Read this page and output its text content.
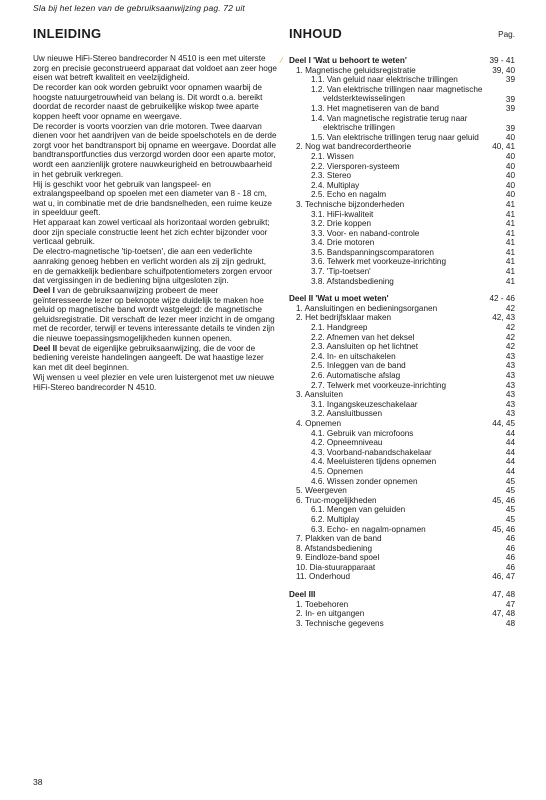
Sla bij het lezen van de gebruiksaanwijzing pag. 72 uit
INLEIDING

Uw nieuwe HiFi-Stereo bandrecorder N 4510 is een met uiterste zorg en precisie geconstrueerd apparaat dat voldoet aan zeer hoge eisen wat betreft kwaliteit en veelzijdigheid.

De recorder kan ook worden gebruikt voor opnamen waarbij de hoogste natuurgetrouwheid van belang is. Dit wordt o.a. bereikt doordat de recorder naast de gebruikelijke wiskop twee aparte koppen heeft voor opname en weergave.

De recorder is voorts voorzien van drie motoren. Twee daarvan dienen voor het aandrijven van de beide spoelschotels en de derde zorgt voor het bandtransport bij opname en weergave. Doordat alle bandtransportfuncties dus verzorgd worden door een aparte motor, wordt een aanzienlijk grotere nauwkeurigheid en betrouwbaarheid in het gebruik verkregen.

Hij is geschikt voor het gebruik van langspeel- en extralangspeelband op spoelen met een diameter van 8 - 18 cm, wat u, in combinatie met de drie bandsnelheden, een ruime keuze in speelduur geeft.

Het apparaat kan zowel verticaal als horizontaal worden gebruikt; door zijn speciale constructie leent het zich echter bijzonder voor verticaal gebruik.

De electro-magnetische 'tip-toetsen', die aan een vederlichte aanraking genoeg hebben en verlicht worden als zij zijn gedrukt, en de gemakkelijk bedienbare schuifpotentiometers zorgen ervoor dat vergissingen in de bediening bijna uitgesloten zijn.

Deel I van de gebruiksaanwijzing probeert de meer geïnteresseerde lezer op beknopte wijze duidelijk te maken hoe geluid op magnetische band wordt vastgelegd: de magnetische geluidsregistratie. Dit verschaft de lezer meer inzicht in de omgang met de recorder, terwijl er tevens interessante details te vinden zijn die nieuwe toepassingsmogelijkheden kunnen openen.

Deel II bevat de eigenlijke gebruiksaanwijzing, die de voor de bediening vereiste handelingen aangeeft. De wat haastige lezer kan met dit deel beginnen.

Wij wensen u veel plezier en vele uren luistergenot met uw nieuwe HiFi-Stereo bandrecorder N 4510.

⁄
INHOUD	Pag.
Deel I 'Wat u behoort te weten'	39 - 41
1. Magnetische geluidsregistratie	39, 40
1.1. Van geluid naar elektrische trillingen	39
1.2. Van elektrische trillingen naar magnetische veldsterktewisselingen	39
1.3. Het magnetiseren van de band	39
1.4. Van magnetische registratie terug naar elektrische trillingen	39
1.5. Van elektrische trillingen terug naar geluid	40
2. Nog wat bandrecordertheorie	40, 41
2.1. Wissen	40
2.2. Viersporen-systeem	40
2.3. Stereo	40
2.4. Multiplay	40
2.5. Echo en nagalm	40
3. Technische bijzonderheden	41
3.1. HiFi-kwaliteit	41
3.2. Drie koppen	41
3.3. Voor- en naband-controle	41
3.4. Drie motoren	41
3.5. Bandspanningscomparatoren	41
3.6. Telwerk met voorkeuze-inrichting	41
3.7. 'Tip-toetsen'	41
3.8. Afstandsbediening	41
Deel II 'Wat u moet weten'	42 - 46
1. Aansluitingen en bedieningsorganen	42
2. Het bedrijfsklaar maken	42, 43
2.1. Handgreep	42
2.2. Afnemen van het deksel	42
2.3. Aansluiten op het lichtnet	42
2.4. In- en uitschakelen	43
2.5. Inleggen van de band	43
2.6. Automatische afslag	43
2.7. Telwerk met voorkeuze-inrichting	43
3. Aansluiten	43
3.1. Ingangskeuzeschakelaar	43
3.2. Aansluitbussen	43
4. Opnemen	44, 45
4.1. Gebruik van microfoons	44
4.2. Opneemniveau	44
4.3. Voorband-nabandschakelaar	44
4.4. Meeluisteren tijdens opnemen	44
4.5. Opnemen	44
4.6. Wissen zonder opnemen	45
5. Weergeven	45
6. Truc-mogelijkheden	45, 46
6.1. Mengen van geluiden	45
6.2. Multiplay	45
6.3. Echo- en nagalm-opnamen	45, 46
7. Plakken van de band	46
8. Afstandsbediening	46
9. Eindloze-band spoel	46
10. Dia-stuurapparaat	46
11. Onderhoud	46, 47
Deel III	47, 48
1. Toebehoren	47
2. In- en uitgangen	47, 48
3. Technische gegevens	48
38
